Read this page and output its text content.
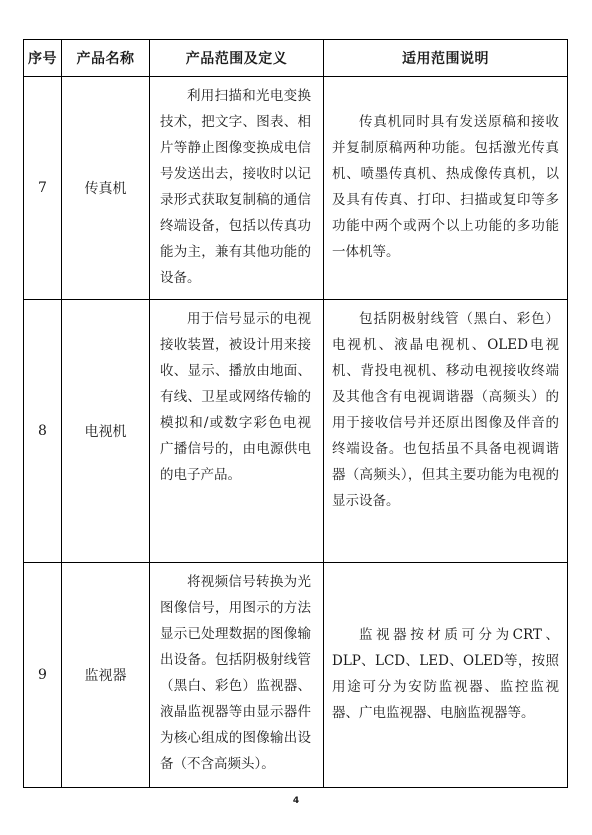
序号	产品名称	产品范围及定义	适用范围说明
7	传真机	利用扫描和光电变换技术，把文字、图表、相片等静止图像变换成电信号发送出去，接收时以记录形式获取复制稿的通信终端设备，包括以传真功能为主，兼有其他功能的设备。	传真机同时具有发送原稿和接收并复制原稿两种功能。包括激光传真机、喷墨传真机、热成像传真机，以及具有传真、打印、扫描或复印等多功能中两个或两个以上功能的多功能一体机等。
8	电视机	用于信号显示的电视接收装置，被设计用来接收、显示、播放由地面、有线、卫星或网络传输的模拟和/或数字彩色电视广播信号的，由电源供电的电子产品。	包括阴极射线管（黑白、彩色）电视机、液晶电视机、OLED电视机、背投电视机、移动电视接收终端及其他含有电视调谐器（高频头）的用于接收信号并还原出图像及伴音的终端设备。也包括虽不具备电视调谐器（高频头），但其主要功能为电视的显示设备。
9	监视器	将视频信号转换为光图像信号，用图示的方法显示已处理数据的图像输出设备。包括阴极射线管（黑白、彩色）监视器、液晶监视器等由显示器件为核心组成的图像输出设备（不含高频头）。	监视器按材质可分为CRT、DLP、LCD、LED、OLED等，按照用途可分为安防监视器、监控监视器、广电监视器、电脑监视器等。
4
